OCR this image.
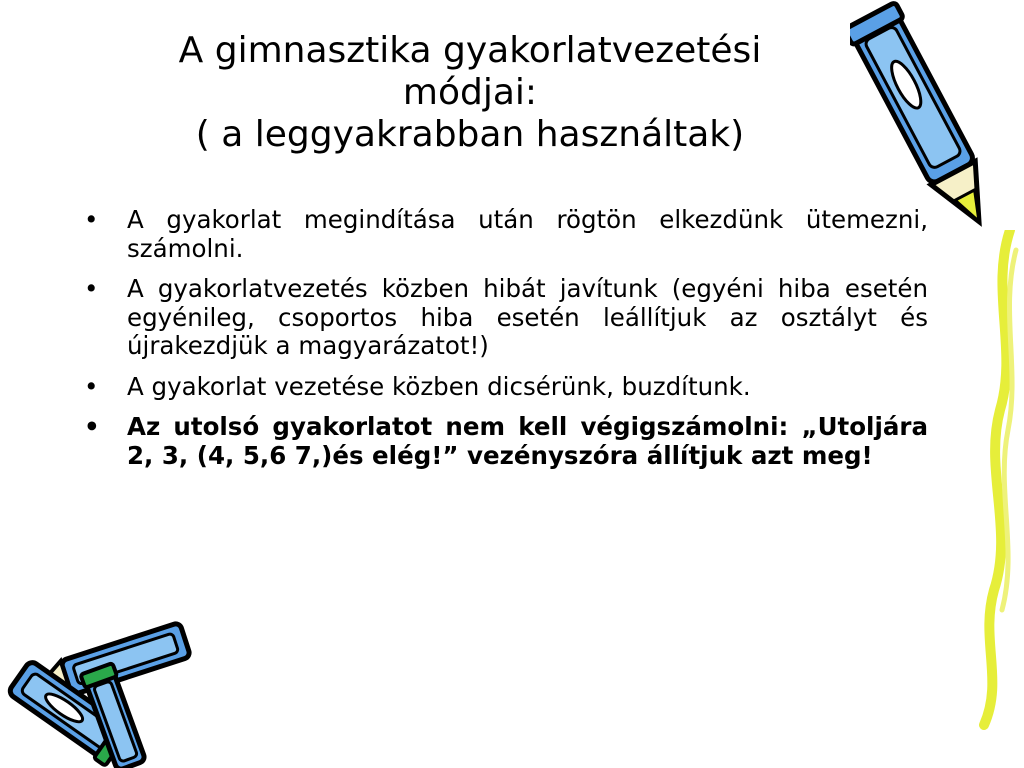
A gimnasztika gyakorlatvezetési
módjai:
( a leggyakrabban használtak)
• A gyakorlat megindítása után rögtön elkezdünk ütemezni, számolni.
• A gyakorlatvezetés közben hibát javítunk (egyéni hiba esetén egyénileg, csoportos hiba esetén leállítjuk az osztályt és újrakezdjük a magyarázatot!)
• A gyakorlat vezetése közben dicsérünk, buzdítunk.
• Az utolsó gyakorlatot nem kell végigszámolni: „Utoljára 2, 3, (4, 5,6 7,)és elég!” vezényszóra állítjuk azt meg!
